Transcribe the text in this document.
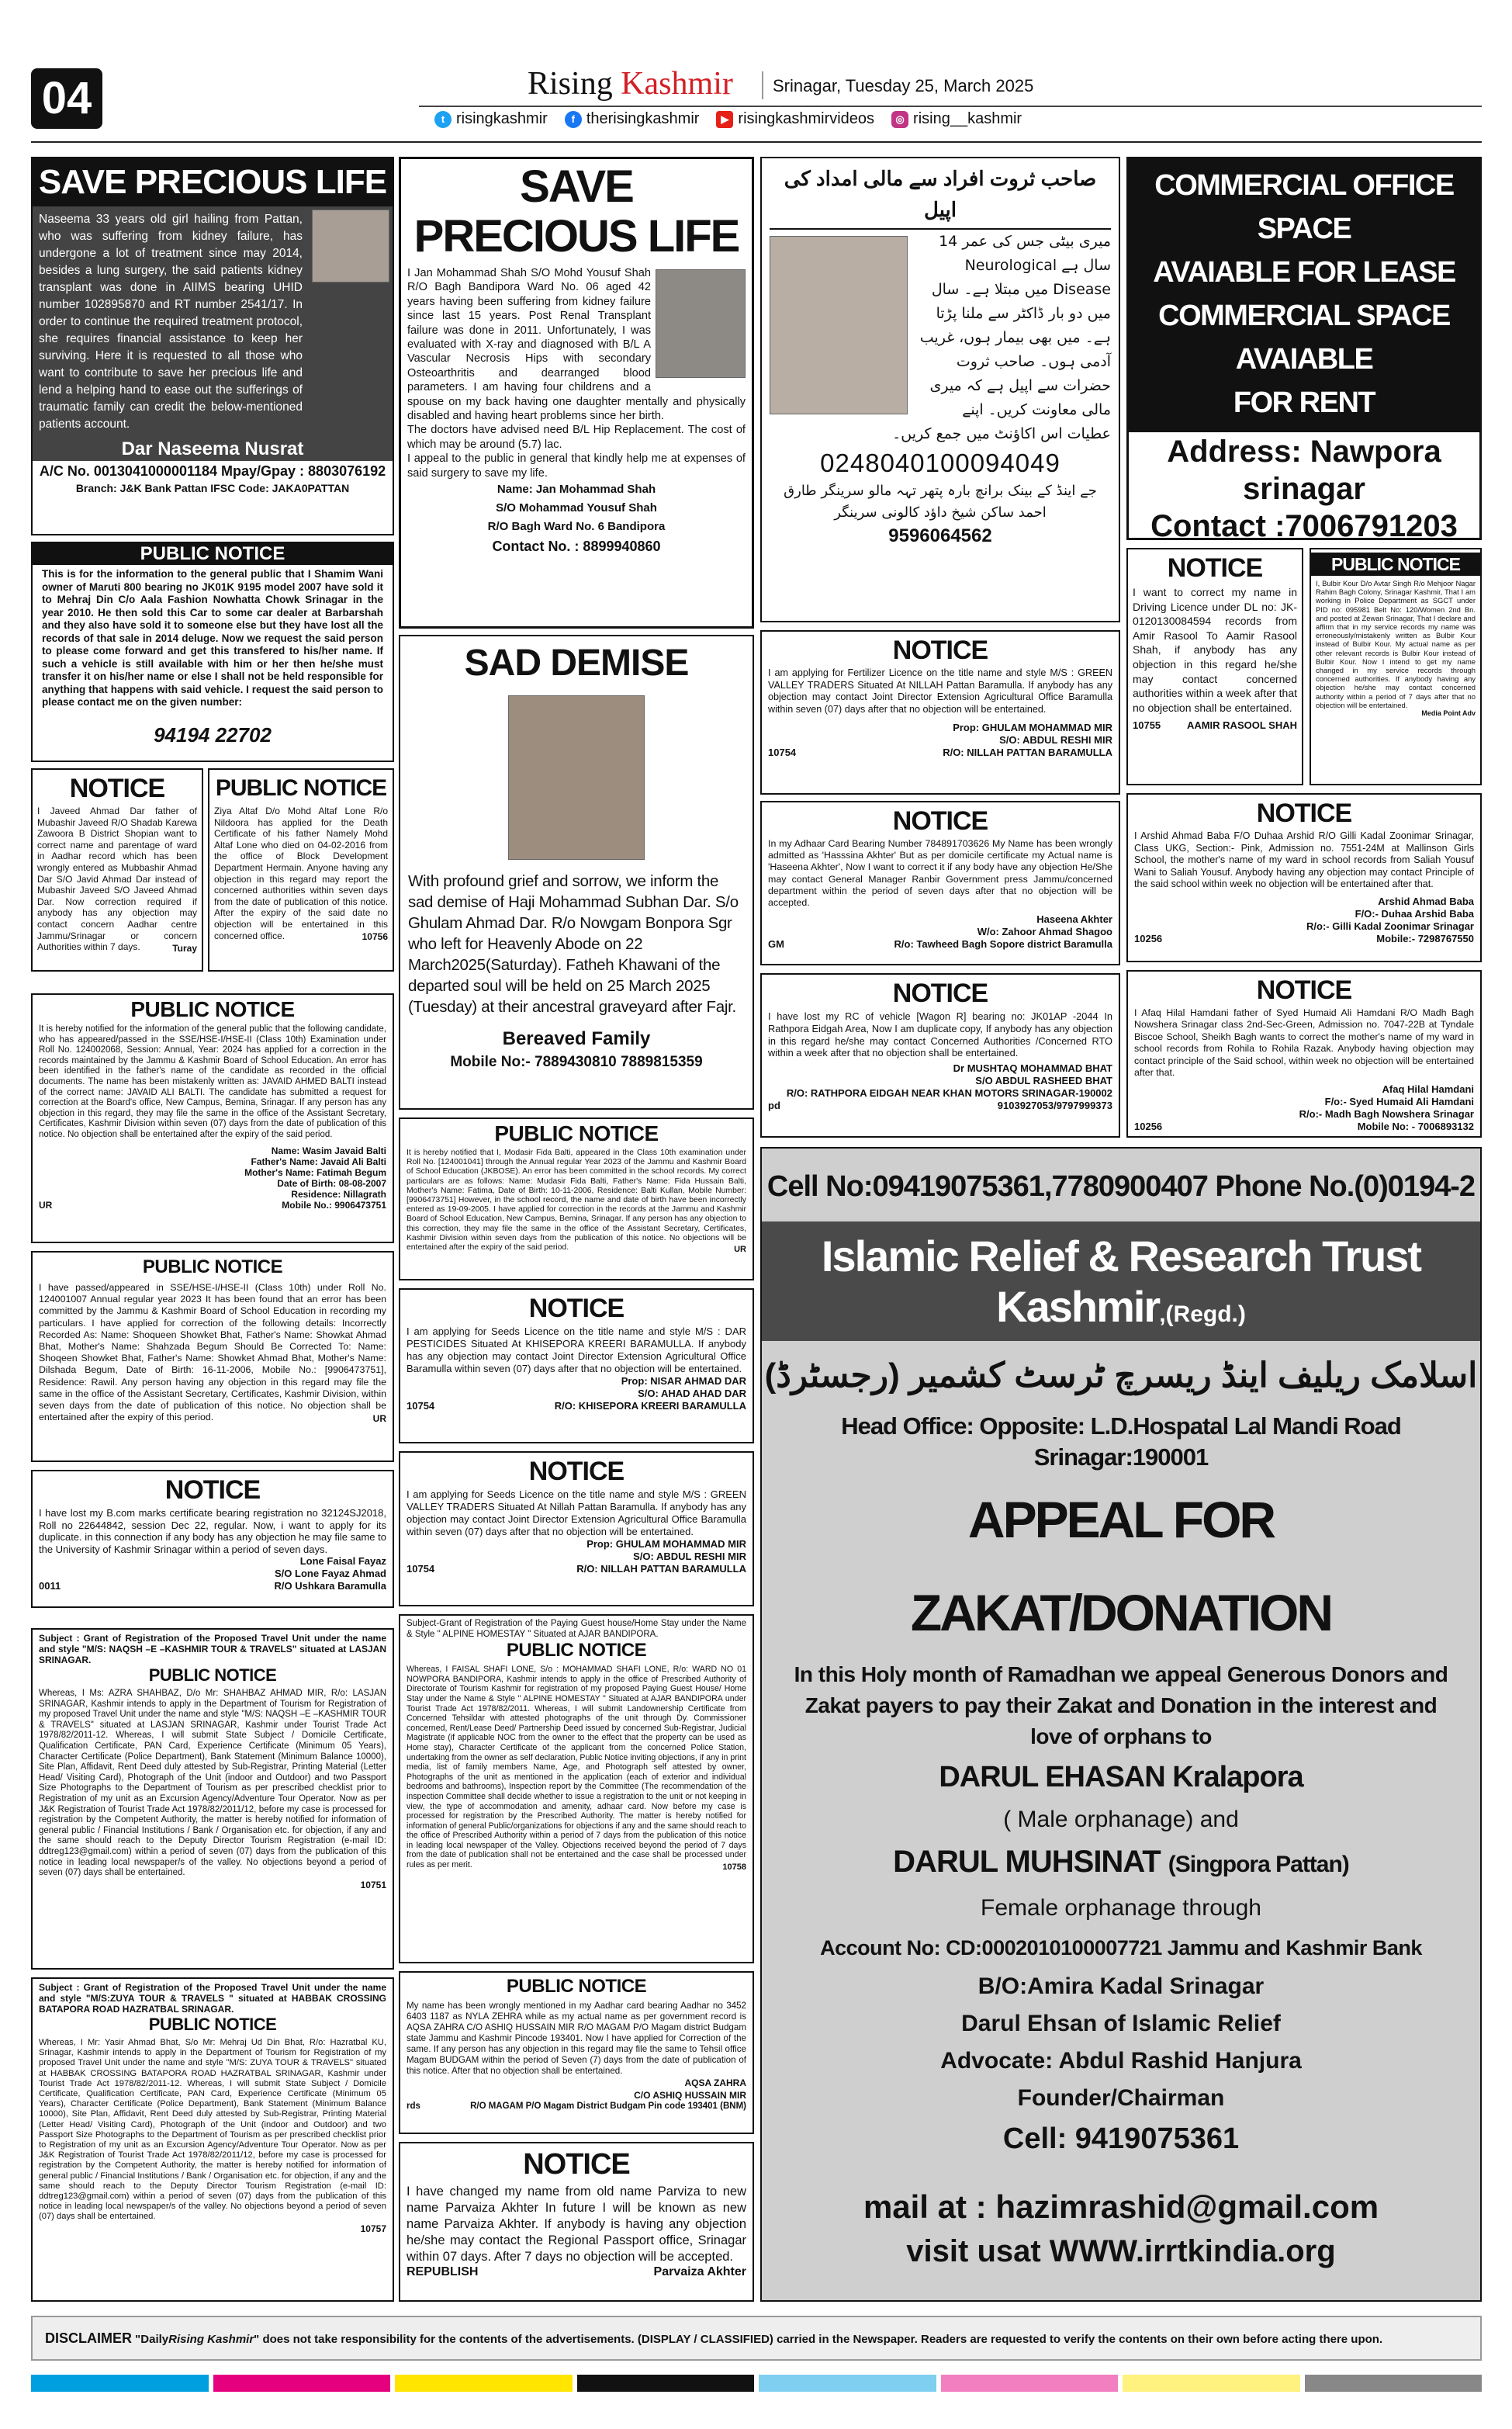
04	Rising Kashmir Srinagar, Tuesday 25, March 2025
t risingkashmir	f therisingkashmir	▶ risingkashmirvideos	◎ rising__kashmir
SAVE PRECIOUS LIFE
Naseema 33 years old girl hailing from Pattan, who was suffering from kidney failure, has undergone a lot of treatment since may 2014, besides a lung surgery, the said patients kidney transplant was done in AIIMS bearing UHID number 102895870 and RT number 2541/17. In order to continue the required treatment protocol, she requires financial assistance to keep her surviving. Here it is requested to all those who want to contribute to save her precious life and lend a helping hand to ease out the sufferings of traumatic family can credit the below-mentioned patients account.
Dar Naseema Nusrat
A/C No. 0013041000001184 Mpay/Gpay : 8803076192
Branch: J&K Bank Pattan IFSC Code: JAKA0PATTAN
PUBLIC NOTICE
This is for the information to the general public that I Shamim Wani owner of Maruti 800 bearing no JK01K 9195 model 2007 have sold it to Mehraj Din C/o Aala Fashion Nowhatta Chowk Srinagar in the year 2010. He then sold this Car to some car dealer at Barbarshah and they also have sold it to someone else but they have lost all the records of that sale in 2014 deluge. Now we request the said person to please come forward and get this transfered to his/her name. If such a vehicle is still available with him or her then he/she must transfer it on his/her name or else I shall not be held responsible for anything that happens with said vehicle. I request the said person to please contact me on the given number:
94194 22702
NOTICE
I Javeed Ahmad Dar father of Mubashir Javeed R/O Shadab Karewa Zawoora B District Shopian want to correct name and parentage of ward in Aadhar record which has been wrongly entered as Mubbashir Ahmad Dar S/O Javid Ahmad Dar instead of Mubashir Javeed S/O Javeed Ahmad Dar. Now correction required if anybody has any objection may contact concern Aadhar centre Jammu/Srinagar or concern Authorities within 7 days.	Turay
PUBLIC NOTICE
Ziya Altaf D/o Mohd Altaf Lone R/o Nildoora has applied for the Death Certificate of his father Namely Mohd Altaf Lone who died on 04-02-2016 from the office of Block Development Department Hermain. Anyone having any objection in this regard may report the concerned authorities within seven days from the date of publication of this notice. After the expiry of the said date no objection will be entertained in this concerned office.	10756
PUBLIC NOTICE
It is hereby notified for the information of the general public that the following candidate, who has appeared/passed in the SSE/HSE-I/HSE-II (Class 10th) Examination under Roll No. 124002068, Session: Annual, Year: 2024 has applied for a correction in the records maintained by the Jammu & Kashmir Board of School Education. An error has been identified in the father's name of the candidate as recorded in the official documents. The name has been mistakenly written as: JAVAID AHMED BALTI instead of the correct name: JAVAID ALI BALTI. The candidate has submitted a request for correction at the Board's office, New Campus, Bemina, Srinagar. If any person has any objection in this regard, they may file the same in the office of the Assistant Secretary, Certificates, Kashmir Division within seven (07) days from the date of publication of this notice. No objection shall be entertained after the expiry of the said period.
Name: Wasim Javaid Balti
Father's Name: Javaid Ali Balti
Mother's Name: Fatimah Begum
Date of Birth: 08-08-2007
Residence: Nillagrath
UR	Mobile No.: 9906473751
PUBLIC NOTICE
I have passed/appeared in SSE/HSE-I/HSE-II (Class 10th) under Roll No. 124001007 Annual regular year 2023 It has been found that an error has been committed by the Jammu & Kashmir Board of School Education in recording my particulars. I have applied for correction of the following details: Incorrectly Recorded As: Name: Shoqueen Showket Bhat, Father's Name: Showkat Ahmad Bhat, Mother's Name: Shahzada Begum Should Be Corrected To: Name: Shoqeen Showket Bhat, Father's Name: Showket Ahmad Bhat, Mother's Name: Dilshada Begum, Date of Birth: 16-11-2006, Mobile No.: [9906473751], Residence: Rawil. Any person having any objection in this regard may file the same in the office of the Assistant Secretary, Certificates, Kashmir Division, within seven days from the date of publication of this notice. No objection shall be entertained after the expiry of this period.	UR
NOTICE
I have lost my B.com marks certificate bearing registration no 32124SJ2018, Roll no 22644842, session Dec 22, regular. Now, i want to apply for its duplicate. in this connection if any body has any objection he may file same to the University of Kashmir Srinagar within a period of seven days.
Lone Faisal Fayaz
S/O Lone Fayaz Ahmad
0011	R/O Ushkara Baramulla
Subject : Grant of Registration of the Proposed Travel Unit under the name and style "M/S: NAQSH –E –KASHMIR TOUR & TRAVELS" situated at LASJAN SRINAGAR.
PUBLIC NOTICE
Whereas, I Ms: AZRA SHAHBAZ, D/o Mr: SHAHBAZ AHMAD MIR, R/o: LASJAN SRINAGAR, Kashmir intends to apply in the Department of Tourism for Registration of my proposed Travel Unit under the name and style "M/S: NAQSH –E –KASHMIR TOUR & TRAVELS" situated at LASJAN SRINAGAR, Kashmir under Tourist Trade Act 1978/82/2011-12. Whereas, I will submit State Subject / Domicile Certificate, Qualification Certificate, PAN Card, Experience Certificate (Minimum 05 Years), Character Certificate (Police Department), Bank Statement (Minimum Balance 10000), Site Plan, Affidavit, Rent Deed duly attested by Sub-Registrar, Printing Material (Letter Head/ Visiting Card), Photograph of the Unit (indoor and Outdoor) and two Passport Size Photographs to the Department of Tourism as per prescribed checklist prior to Registration of my unit as an Excursion Agency/Adventure Tour Operator. Now as per J&K Registration of Tourist Trade Act 1978/82/2011/12, before my case is processed for registration by the Competent Authority, the matter is hereby notified for information of general public / Financial Institutions / Bank / Organisation etc. for objection, if any and the same should reach to the Deputy Director Tourism Registration (e-mail ID: ddtreg123@gmail.com) within a period of seven (07) days from the publication of this notice in leading local newspaper/s of the valley. No objections beyond a period of seven (07) days shall be entertained.
10751
Subject : Grant of Registration of the Proposed Travel Unit under the name and style "M/S:ZUYA TOUR & TRAVELS " situated at HABBAK CROSSING BATAPORA ROAD HAZRATBAL SRINAGAR.
PUBLIC NOTICE
Whereas, I Mr: Yasir Ahmad Bhat, S/o Mr: Mehraj Ud Din Bhat, R/o: Hazratbal KU, Srinagar, Kashmir intends to apply in the Department of Tourism for Registration of my proposed Travel Unit under the name and style "M/S: ZUYA TOUR & TRAVELS" situated at HABBAK CROSSING BATAPORA ROAD HAZRATBAL SRINAGAR, Kashmir under Tourist Trade Act 1978/82/2011-12. Whereas, I will submit State Subject / Domicile Certificate, Qualification Certificate, PAN Card, Experience Certificate (Minimum 05 Years), Character Certificate (Police Department), Bank Statement (Minimum Balance 10000), Site Plan, Affidavit, Rent Deed duly attested by Sub-Registrar, Printing Material (Letter Head/ Visiting Card), Photograph of the Unit (indoor and Outdoor) and two Passport Size Photographs to the Department of Tourism as per prescribed checklist prior to Registration of my unit as an Excursion Agency/Adventure Tour Operator. Now as per J&K Registration of Tourist Trade Act 1978/82/2011/12, before my case is processed for registration by the Competent Authority, the matter is hereby notified for information of general public / Financial Institutions / Bank / Organisation etc. for objection, if any and the same should reach to the Deputy Director Tourism Registration (e-mail ID: ddtreg123@gmail.com) within a period of seven (07) days from the publication of this notice in leading local newspaper/s of the valley. No objections beyond a period of seven (07) days shall be entertained.
10757
SAVE PRECIOUS LIFE
I Jan Mohammad Shah S/O Mohd Yousuf Shah R/O Bagh Bandipora Ward No. 06 aged 42 years having been suffering from kidney failure since last 15 years. Post Renal Transplant failure was done in 2011. Unfortunately, I was evaluated with X-ray and diagnosed with B/L A Vascular Necrosis Hips with secondary Osteoarthritis and dearranged blood parameters. I am having four childrens and a spouse on my back having one daughter mentally and physically disabled and having heart problems since her birth.
The doctors have advised need B/L Hip Replacement. The cost of which may be around (5.7) lac.
I appeal to the public in general that kindly help me at expenses of said surgery to save my life.
Name: Jan Mohammad Shah
S/O Mohammad Yousuf Shah
R/O Bagh Ward No. 6 Bandipora
Contact No. : 8899940860
SAD DEMISE
With profound grief and sorrow, we inform the sad demise of Haji Mohammad Subhan Dar. S/o Ghulam Ahmad Dar. R/o Nowgam Bonpora Sgr who left for Heavenly Abode on 22 March2025(Saturday). Fatheh Khawani of the departed soul will be held on 25 March 2025 (Tuesday) at their ancestral graveyard after Fajr.
Bereaved Family
Mobile No:- 7889430810 7889815359
PUBLIC NOTICE
It is hereby notified that I, Modasir Fida Balti, appeared in the Class 10th examination under Roll No. [124001041] through the Annual regular Year 2023 of the Jammu and Kashmir Board of School Education (JKBOSE). An error has been committed in the school records. My correct particulars are as follows: Name: Mudasir Fida Balti, Father's Name: Fida Hussain Balti, Mother's Name: Fatima, Date of Birth: 10-11-2006, Residence: Balti Kullan, Mobile Number: [9906473751] However, in the school record, the name and date of birth have been incorrectly entered as 19-09-2005. I have applied for correction in the records at the Jammu and Kashmir Board of School Education, New Campus, Bemina, Srinagar. If any person has any objection to this correction, they may file the same in the office of the Assistant Secretary, Certificates, Kashmir Division within seven days from the publication of this notice. No objections will be entertained after the expiry of the said period.	UR
NOTICE
I am applying for Seeds Licence on the title name and style M/S : DAR PESTICIDES Situated At KHISEPORA KREERI BARAMULLA. If anybody has any objection may contact Joint Director Extension Agricultural Office Baramulla within seven (07) days after that no objection will be entertained.
Prop: NISAR AHMAD DAR
S/O: AHAD AHAD DAR
10754	R/O: KHISEPORA KREERI BARAMULLA
NOTICE
I am applying for Seeds Licence on the title name and style M/S : GREEN VALLEY TRADERS Situated At Nillah Pattan Baramulla. If anybody has any objection may contact Joint Director Extension Agricultural Office Baramulla within seven (07) days after that no objection will be entertained.
Prop: GHULAM MOHAMMAD MIR
S/O: ABDUL RESHI MIR
10754	R/O: NILLAH PATTAN BARAMULLA
Subject-Grant of Registration of the Paying Guest house/Home Stay under the Name & Style " ALPINE HOMESTAY " Situated at AJAR BANDIPORA.
PUBLIC NOTICE
Whereas, I FAISAL SHAFI LONE, S/o : MOHAMMAD SHAFI LONE, R/o: WARD NO 01 NOWPORA BANDIPORA, Kashmir intends to apply in the office of Prescribed Authority of Directorate of Tourism Kashmir for registration of my proposed Paying Guest House/ Home Stay under the Name & Style " ALPINE HOMESTAY " Situated at AJAR BANDIPORA under Tourist Trade Act 1978/82/2011. Whereas, I will submit Landownership Certificate from Concerned Tehsildar with attested photographs of the unit through Dy. Commissioner concerned, Rent/Lease Deed/ Partnership Deed issued by concerned Sub-Registrar, Judicial Magistrate (if applicable NOC from the owner to the effect that the property can be used as Home stay), Character Certificate of the applicant from the concerned Police Station, undertaking from the owner as self declaration, Public Notice inviting objections, if any in print media, list of family members Name, Age, and Photograph self attested by owner, Photographs of the unit as mentioned in the application (each of exterior and individual bedrooms and bathrooms), Inspection report by the Committee (The recommendation of the inspection Committee shall decide whether to issue a registration to the unit or not keeping in view, the type of accommodation and amenity, adhaar card. Now before my case is processed for registration by the Prescribed Authority. The matter is hereby notified for information of general Public/organizations for objections if any and the same should reach to the office of Prescribed Authority within a period of 7 days from the publication of this notice in leading local newspaper of the Valley. Objections received beyond the period of 7 days from the date of publication shall not be entertained and the case shall be processed under rules as per merit.	10758
PUBLIC NOTICE
My name has been wrongly mentioned in my Aadhar card bearing Aadhar no 3452 6403 1187 as NYLA ZEHRA while as my actual name as per government record is AQSA ZAHRA C/O ASHIQ HUSSAIN MIR R/O MAGAM P/O Magam district Budgam state Jammu and Kashmir Pincode 193401. Now I have applied for Correction of the same. If any person has any objection in this regard may file the same to Tehsil office Magam BUDGAM within the period of Seven (7) days from the date of publication of this notice. After that no objection shall be entertained.
AQSA ZAHRA
C/O ASHIQ HUSSAIN MIR
rds	R/O MAGAM P/O Magam District Budgam Pin code 193401 (BNM)
NOTICE
I have changed my name from old name Parviza to new name Parvaiza Akhter In future I will be known as new name Parvaiza Akhter. If anybody is having any objection he/she may contact the Regional Passport office, Srinagar within 07 days. After 7 days no objection will be accepted.
REPUBLISH	Parvaiza Akhter
صاحب ثروت افراد سے مالی امداد کی اپیل
میری بیٹی جس کی عمر 14 سال ہے Neurological Disease میں مبتلا ہے۔ سال میں دو بار ڈاکٹر سے ملنا پڑتا ہے۔ میں بھی بیمار ہوں، غریب آدمی ہوں۔ صاحب ثروت حضرات سے اپیل ہے کہ میری مالی معاونت کریں۔ اپنے عطیات اس اکاؤنٹ میں جمع کریں۔
0248040100094049
جے اینڈ کے بینک برانچ بارہ پتھر تہہ مالو سرینگر طارق احمد ساکن شیخ داؤد کالونی سرینگر
9596064562
NOTICE
I am applying for Fertilizer Licence on the title name and style M/S : GREEN VALLEY TRADERS Situated At NILLAH Pattan Baramulla. If anybody has any objection may contact Joint Director Extension Agricultural Office Baramulla within seven (07) days after that no objection will be entertained.
Prop: GHULAM MOHAMMAD MIR
S/O: ABDUL RESHI MIR
10754	R/O: NILLAH PATTAN BARAMULLA
NOTICE
In my Adhaar Card Bearing Number 784891703626 My Name has been wrongly admitted as 'Hasssina Akhter' But as per domicile certificate my Actual name is 'Haseena Akhter', Now I want to correct it if any body have any objection He/She may contact General Manager Ranbir Government press Jammu/concerned department within the period of seven days after that no objection will be accepted.
Haseena Akhter
W/o: Zahoor Ahmad Shagoo
GM	R/o: Tawheed Bagh Sopore district Baramulla
NOTICE
I have lost my RC of vehicle [Wagon R] bearing no: JK01AP -2044 In Rathpora Eidgah Area, Now I am duplicate copy, If anybody has any objection in this regard he/she may contact Concerned Authorities /Concerned RTO within a week after that no objection shall be entertained.
Dr MUSHTAQ MOHAMMAD BHAT
S/O ABDUL RASHEED BHAT
R/O: RATHPORA EIDGAH NEAR KHAN MOTORS SRINAGAR-190002
pd	9103927053/9797999373
COMMERCIAL OFFICE SPACE
AVAIABLE FOR LEASE
COMMERCIAL SPACE AVAIABLE
FOR RENT
Address: Nawpora
srinagar
Contact :7006791203
NOTICE
I want to correct my name in Driving Licence under DL no: JK-0120130084594 records from Amir Rasool To Aamir Rasool Shah, if anybody has any objection in this regard he/she may contact concerned authorities within a week after that no objection shall be entertained.
10755	AAMIR RASOOL SHAH
PUBLIC NOTICE
I, Bulbir Kour D/o Avtar Singh R/o Mehjoor Nagar Rahim Bagh Colony, Srinagar Kashmir, That I am working in Police Department as SGCT under PID no: 095981 Belt No: 120/Women 2nd Bn. and posted at Zewan Srinagar, That I declare and affirm that in my service records my name was erroneously/mistakenly written as Bulbir Kour instead of Bulbir Kour. My actual name as per other relevant records is Bulbir Kour instead of Bulbir Kour. Now I intend to get my name changed in my service records through concerned authorities. If anybody having any objection he/she may contact concerned authority within a period of 7 days after that no objection will be entertained.
Media Point Adv
NOTICE
I Arshid Ahmad Baba F/O Duhaa Arshid R/O Gilli Kadal Zoonimar Srinagar, Class UKG, Section:- Pink, Admission no. 7551-24M at Mallinson Girls School, the mother's name of my ward in school records from Saliah Yousuf Wani to Saliah Yousuf. Anybody having any objection may contact Principle of the said school within week no objection will be entertained after that.
Arshid Ahmad Baba
F/O:- Duhaa Arshid Baba
R/o:- Gilli Kadal Zoonimar Srinagar
10256	Mobile:- 7298767550
NOTICE
I Afaq Hilal Hamdani father of Syed Humaid Ali Hamdani R/O Madh Bagh Nowshera Srinagar class 2nd-Sec-Green, Admission no. 7047-22B at Tyndale Biscoe School, Sheikh Bagh wants to correct the mother's name of my ward in school records from Rohila to Rohila Razak. Anybody having objection may contact principle of the Said school, within week no objection will be entertained after that.
Afaq Hilal Hamdani
F/o:- Syed Humaid Ali Hamdani
R/o:- Madh Bagh Nowshera Srinagar
10256	Mobile No: - 7006893132
Cell No:09419075361,7780900407 Phone No.(0)0194-2
Islamic Relief & Research Trust Kashmir,(Regd.)
اسلامک ریلیف اینڈ ریسرچ ٹرسٹ کشمیر (رجسٹرڈ)
Head Office: Opposite: L.D.Hospatal Lal Mandi Road Srinagar:190001
APPEAL FOR ZAKAT/DONATION
In this Holy month of Ramadhan we appeal Generous Donors and Zakat payers to pay their Zakat and Donation in the interest and love of orphans to
DARUL EHASAN Kralapora
( Male orphanage) and
DARUL MUHSINAT (Singpora Pattan)
Female orphanage through
Account No: CD:0002010100007721 Jammu and Kashmir Bank
B/O:Amira Kadal Srinagar
Darul Ehsan of Islamic Relief
Advocate: Abdul Rashid Hanjura
Founder/Chairman
Cell: 9419075361
mail at : hazimrashid@gmail.com
visit usat WWW.irrtkindia.org
DISCLAIMER "DailyRising Kashmir" does not take responsibility for the contents of the advertisements. (DISPLAY / CLASSIFIED) carried in the Newspaper. Readers are requested to verify the contents on their own before acting there upon.
